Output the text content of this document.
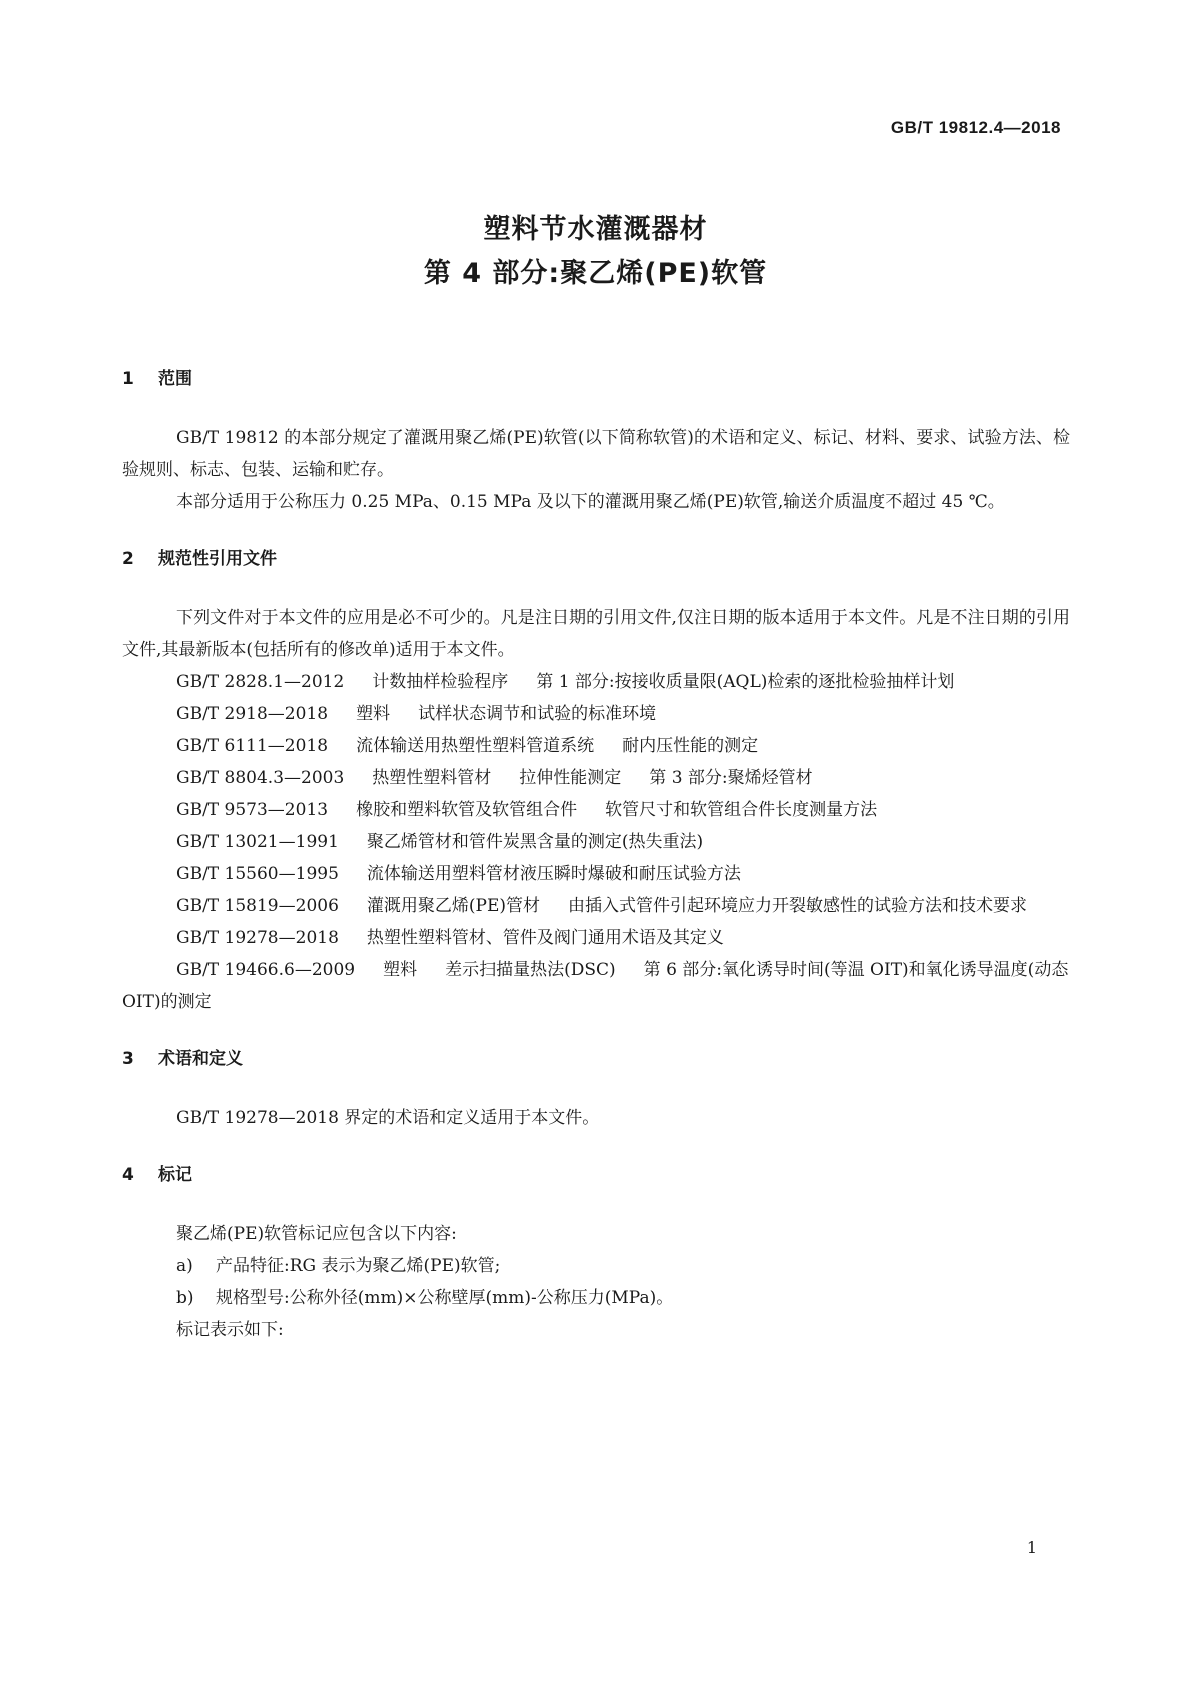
GB/T 19812.4—2018
塑料节水灌溉器材
第 4 部分:聚乙烯(PE)软管
1 范围

GB/T 19812 的本部分规定了灌溉用聚乙烯(PE)软管(以下简称软管)的术语和定义、标记、材料、要求、试验方法、检验规则、标志、包装、运输和贮存。

本部分适用于公称压力 0.25 MPa、0.15 MPa 及以下的灌溉用聚乙烯(PE)软管,输送介质温度不超过 45 ℃。

2 规范性引用文件

下列文件对于本文件的应用是必不可少的。凡是注日期的引用文件,仅注日期的版本适用于本文件。凡是不注日期的引用文件,其最新版本(包括所有的修改单)适用于本文件。

GB/T 2828.1—2012 计数抽样检验程序 第 1 部分:按接收质量限(AQL)检索的逐批检验抽样计划

GB/T 2918—2018 塑料 试样状态调节和试验的标准环境

GB/T 6111—2018 流体输送用热塑性塑料管道系统 耐内压性能的测定

GB/T 8804.3—2003 热塑性塑料管材 拉伸性能测定 第 3 部分:聚烯烃管材

GB/T 9573—2013 橡胶和塑料软管及软管组合件 软管尺寸和软管组合件长度测量方法

GB/T 13021—1991 聚乙烯管材和管件炭黑含量的测定(热失重法)

GB/T 15560—1995 流体输送用塑料管材液压瞬时爆破和耐压试验方法

GB/T 15819—2006 灌溉用聚乙烯(PE)管材 由插入式管件引起环境应力开裂敏感性的试验方法和技术要求

GB/T 19278—2018 热塑性塑料管材、管件及阀门通用术语及其定义

GB/T 19466.6—2009 塑料 差示扫描量热法(DSC) 第 6 部分:氧化诱导时间(等温 OIT)和氧化诱导温度(动态 OIT)的测定

3 术语和定义

GB/T 19278—2018 界定的术语和定义适用于本文件。

4 标记

聚乙烯(PE)软管标记应包含以下内容:

a) 产品特征:RG 表示为聚乙烯(PE)软管;

b) 规格型号:公称外径(mm)×公称壁厚(mm)-公称压力(MPa)。

标记表示如下:

1
